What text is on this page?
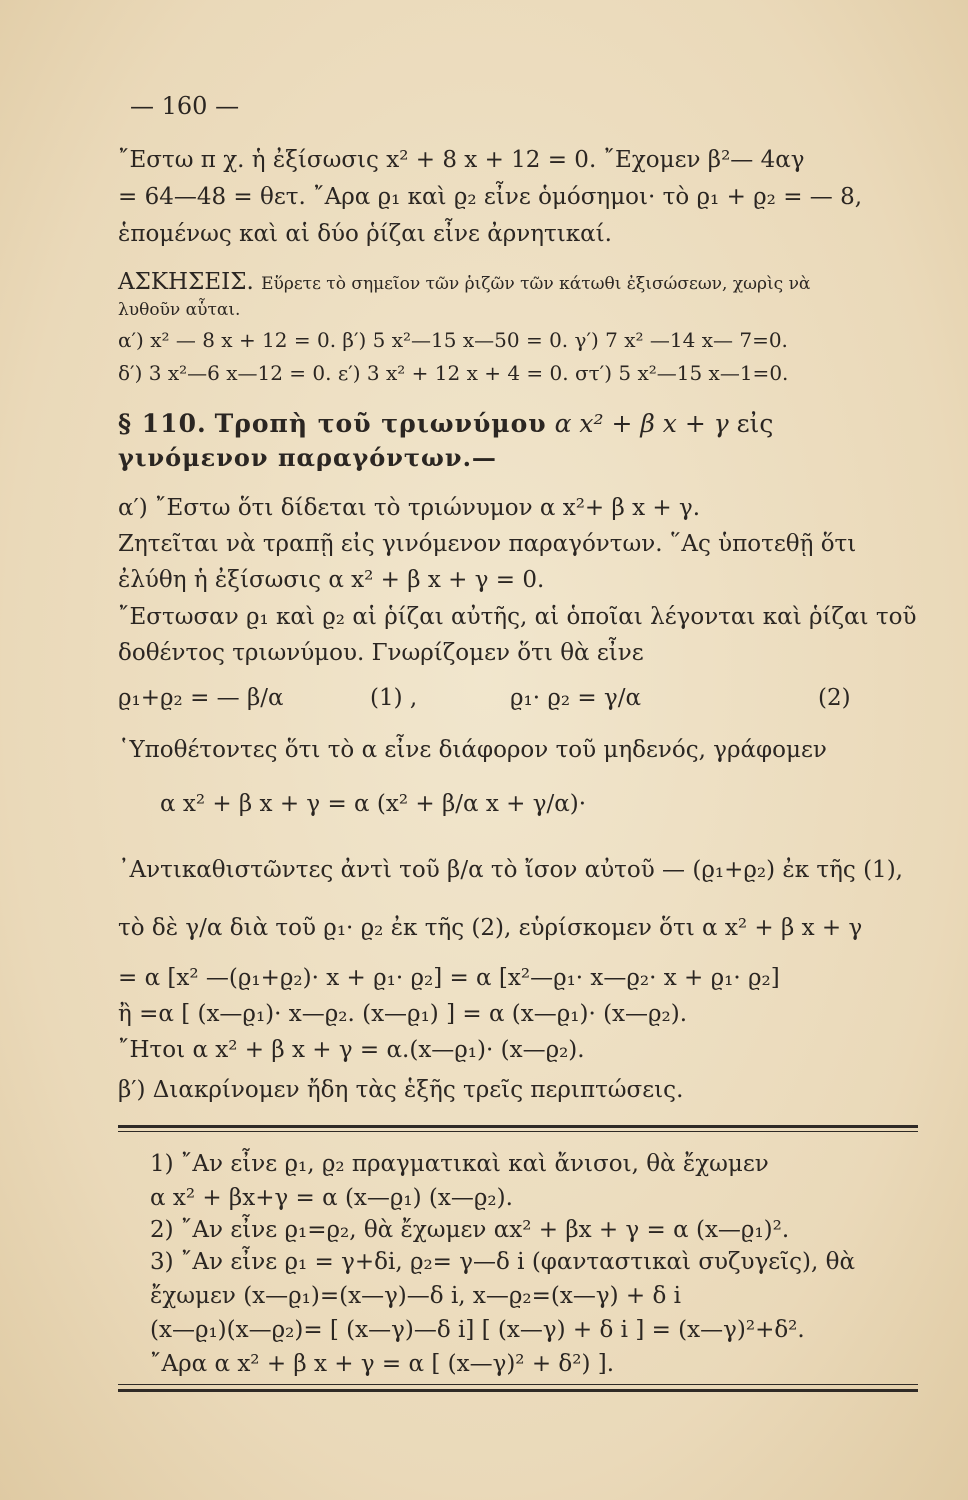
— 160 —
῎Εστω π χ. ἡ ἐξίσωσις x² + 8 x + 12 = 0. ῎Εχομεν β²— 4αγ
= 64—48 = θετ. ῎Αρα ϱ₁ καὶ ϱ₂ εἶνε ὁμόσημοι· τὸ ϱ₁ + ϱ₂ = — 8,
ἑπομένως καὶ αἱ δύο ῥίζαι εἶνε ἀρνητικαί.
ΑΣΚΗΣΕΙΣ. Εὕρετε τὸ σημεῖον τῶν ῥιζῶν τῶν κάτωθι ἐξισώσεων, χωρὶς νὰ
λυθοῦν αὗται.
α′) x² — 8 x + 12 = 0. β′) 5 x²—15 x—50 = 0. γ′) 7 x² —14 x— 7=0.
δ′) 3 x²—6 x—12 = 0. ε′) 3 x² + 12 x + 4 = 0. στ′) 5 x²—15 x—1=0.
§ 110. Τροπὴ τοῦ τριωνύμου α x² + β x + γ εἰς
γινόμενον παραγόντων.—
α′) ῎Εστω ὅτι δίδεται τὸ τριώνυμον α x²+ β x + γ.
Ζητεῖται νὰ τραπῇ εἰς γινόμενον παραγόντων. ῞Ας ὑποτεθῇ ὅτι
ἐλύθη ἡ ἐξίσωσις α x² + β x + γ = 0.
῎Εστωσαν ϱ₁ καὶ ϱ₂ αἱ ῥίζαι αὐτῆς, αἱ ὁποῖαι λέγονται καὶ ῥίζαι τοῦ
δοθέντος τριωνύμου. Γνωρίζομεν ὅτι θὰ εἶνε
ϱ₁+ϱ₂ = — β/α	(1) ,	ϱ₁· ϱ₂ = γ/α	(2)
῾Υποθέτοντες ὅτι τὸ α εἶνε διάφορον τοῦ μηδενός, γράφομεν
α x² + β x + γ = α (x² + β/α x + γ/α)·
᾽Αντικαθιστῶντες ἀντὶ τοῦ β/α τὸ ἴσον αὐτοῦ — (ϱ₁+ϱ₂) ἐκ τῆς (1),
τὸ δὲ γ/α διὰ τοῦ ϱ₁· ϱ₂ ἐκ τῆς (2), εὑρίσκομεν ὅτι α x² + β x + γ
= α [x² —(ϱ₁+ϱ₂)· x + ϱ₁· ϱ₂] = α [x²—ϱ₁· x—ϱ₂· x + ϱ₁· ϱ₂]
ἢ =α [ (x—ϱ₁)· x—ϱ₂. (x—ϱ₁) ] = α (x—ϱ₁)· (x—ϱ₂).
῎Ητοι α x² + β x + γ = α.(x—ϱ₁)· (x—ϱ₂).
β′) Διακρίνομεν ἤδη τὰς ἑξῆς τρεῖς περιπτώσεις.
1) ῎Αν εἶνε ϱ₁, ϱ₂ πραγματικαὶ καὶ ἄνισοι, θὰ ἔχωμεν
α x² + βx+γ = α (x—ϱ₁) (x—ϱ₂).
2) ῎Αν εἶνε ϱ₁=ϱ₂, θὰ ἔχωμεν αx² + βx + γ = α (x—ϱ₁)².
3) ῎Αν εἶνε ϱ₁ = γ+δi, ϱ₂= γ—δ i (φανταστικαὶ συζυγεῖς), θὰ
ἔχωμεν (x—ϱ₁)=(x—γ)—δ i, x—ϱ₂=(x—γ) + δ i
(x—ϱ₁)(x—ϱ₂)= [ (x—γ)—δ i] [ (x—γ) + δ i ] = (x—γ)²+δ².
῎Αρα α x² + β x + γ = α [ (x—γ)² + δ²) ].
